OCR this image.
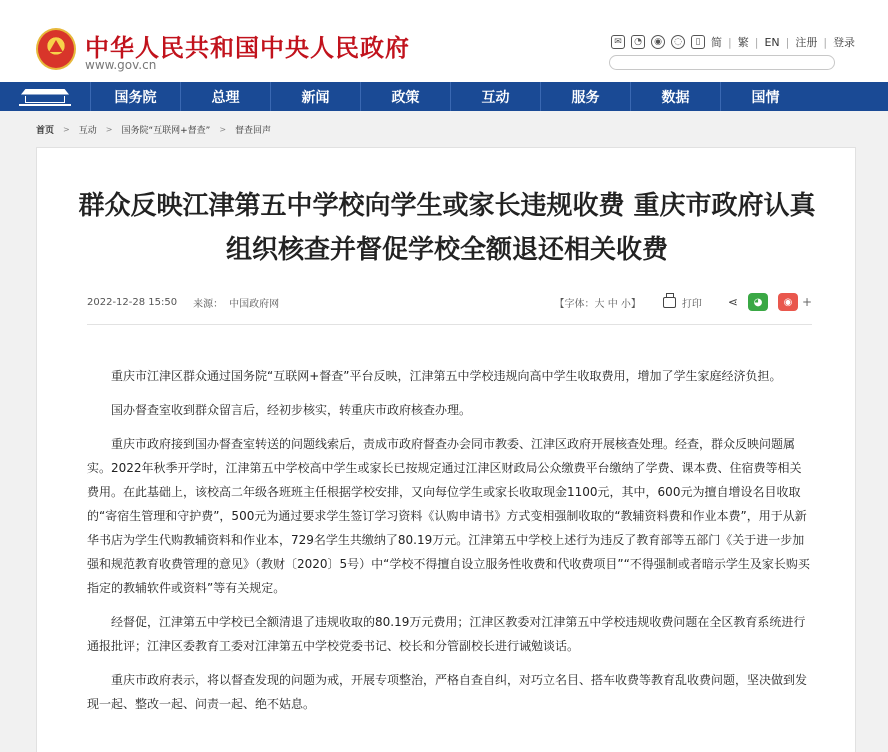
中华人民共和国中央人民政府
www.gov.cn
✉	◔	◉	◌	▯ 简 | 繁 | EN | 注册 | 登录
国务院	总理	新闻	政策	互动	服务	数据	国情
首页 > 互动 > 国务院“互联网+督查” > 督查回声
群众反映江津第五中学校向学生或家长违规收费 重庆市政府认真组织核查并督促学校全额退还相关收费
2022-12-28 15:50 来源： 中国政府网	【字体：大 中 小】	打印 ⋖	◕	◉ +

重庆市江津区群众通过国务院“互联网+督查”平台反映，江津第五中学校违规向高中学生收取费用，增加了学生家庭经济负担。

国办督查室收到群众留言后，经初步核实，转重庆市政府核查办理。

重庆市政府接到国办督查室转送的问题线索后，责成市政府督查办会同市教委、江津区政府开展核查处理。经查，群众反映问题属实。2022年秋季开学时，江津第五中学校高中学生或家长已按规定通过江津区财政局公众缴费平台缴纳了学费、课本费、住宿费等相关费用。在此基础上，该校高二年级各班班主任根据学校安排，又向每位学生或家长收取现金1100元，其中，600元为擅自增设名目收取的“寄宿生管理和守护费”，500元为通过要求学生签订学习资料《认购申请书》方式变相强制收取的“教辅资料费和作业本费”，用于从新华书店为学生代购教辅资料和作业本，729名学生共缴纳了80.19万元。江津第五中学校上述行为违反了教育部等五部门《关于进一步加强和规范教育收费管理的意见》（教财〔2020〕5号）中“学校不得擅自设立服务性收费和代收费项目”“不得强制或者暗示学生及家长购买指定的教辅软件或资料”等有关规定。

经督促，江津第五中学校已全额清退了违规收取的80.19万元费用；江津区教委对江津第五中学校违规收费问题在全区教育系统进行通报批评；江津区委教育工委对江津第五中学校党委书记、校长和分管副校长进行诫勉谈话。

重庆市政府表示，将以督查发现的问题为戒，开展专项整治，严格自查自纠，对巧立名目、搭车收费等教育乱收费问题，坚决做到发现一起、整改一起、问责一起、绝不姑息。
